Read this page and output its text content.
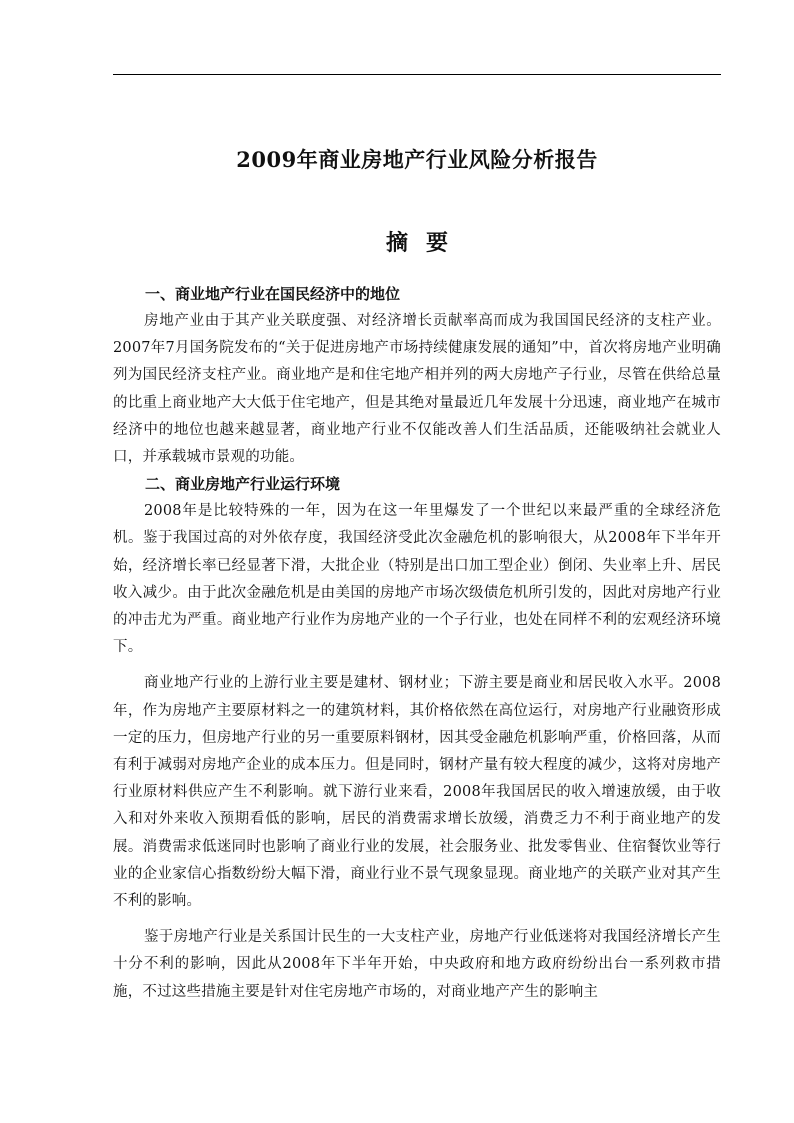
2009年商业房地产行业风险分析报告
摘要

一、商业地产行业在国民经济中的地位

房地产业由于其产业关联度强、对经济增长贡献率高而成为我国国民经济的支柱产业。2007年7月国务院发布的“关于促进房地产市场持续健康发展的通知”中，首次将房地产业明确列为国民经济支柱产业。商业地产是和住宅地产相并列的两大房地产子行业，尽管在供给总量的比重上商业地产大大低于住宅地产，但是其绝对量最近几年发展十分迅速，商业地产在城市经济中的地位也越来越显著，商业地产行业不仅能改善人们生活品质，还能吸纳社会就业人口，并承载城市景观的功能。

二、商业房地产行业运行环境

2008年是比较特殊的一年，因为在这一年里爆发了一个世纪以来最严重的全球经济危机。鉴于我国过高的对外依存度，我国经济受此次金融危机的影响很大，从2008年下半年开始，经济增长率已经显著下滑，大批企业（特别是出口加工型企业）倒闭、失业率上升、居民收入减少。由于此次金融危机是由美国的房地产市场次级债危机所引发的，因此对房地产行业的冲击尤为严重。商业地产行业作为房地产业的一个子行业，也处在同样不利的宏观经济环境下。

商业地产行业的上游行业主要是建材、钢材业；下游主要是商业和居民收入水平。2008年，作为房地产主要原材料之一的建筑材料，其价格依然在高位运行，对房地产行业融资形成一定的压力，但房地产行业的另一重要原料钢材，因其受金融危机影响严重，价格回落，从而有利于减弱对房地产企业的成本压力。但是同时，钢材产量有较大程度的减少，这将对房地产行业原材料供应产生不利影响。就下游行业来看，2008年我国居民的收入增速放缓，由于收入和对外来收入预期看低的影响，居民的消费需求增长放缓，消费乏力不利于商业地产的发展。消费需求低迷同时也影响了商业行业的发展，社会服务业、批发零售业、住宿餐饮业等行业的企业家信心指数纷纷大幅下滑，商业行业不景气现象显现。商业地产的关联产业对其产生不利的影响。

鉴于房地产行业是关系国计民生的一大支柱产业，房地产行业低迷将对我国经济增长产生十分不利的影响，因此从2008年下半年开始，中央政府和地方政府纷纷出台一系列救市措施，不过这些措施主要是针对住宅房地产市场的，对商业地产产生的影响主
